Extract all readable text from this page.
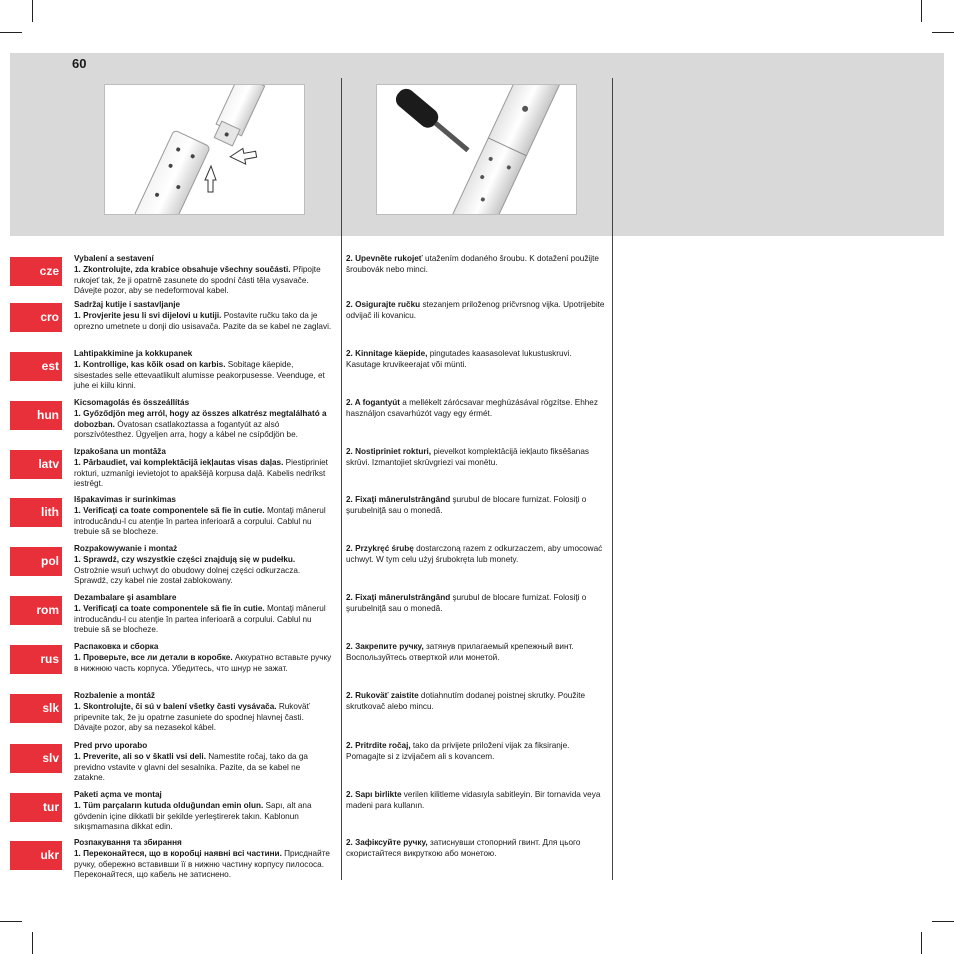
60
cze
Vybalení a sestavení
1. Zkontrolujte, zda krabice obsahuje všechny součásti. Připojte rukojeť tak, že ji opatrně zasunete do spodní části těla vysavače. Dávejte pozor, aby se nedeformoval kabel.
2. Upevněte rukojeť utažením dodaného šroubu. K dotažení použijte šroubovák nebo minci.
cro
Sadržaj kutije i sastavljanje
1. Provjerite jesu li svi dijelovi u kutiji. Postavite ručku tako da je oprezno umetnete u donji dio usisavača. Pazite da se kabel ne zaglavi.
2. Osigurajte ručku stezanjem priloženog pričvrsnog vijka. Upotrijebite odvijač ili kovanicu.
est
Lahtipakkimine ja kokkupanek
1. Kontrollige, kas kõik osad on karbis. Sobitage käepide, sisestades selle ettevaatlikult alumisse peakorpusesse. Veenduge, et juhe ei kiilu kinni.
2. Kinnitage käepide, pingutades kaasasolevat lukustuskruvi. Kasutage kruvikeerajat või münti.
hun
Kicsomagolás és összeállítás
1. Győződjön meg arról, hogy az összes alkatrész megtalálható a dobozban. Óvatosan csatlakoztassa a fogantyút az alsó porszívótesthez. Ügyeljen arra, hogy a kábel ne csípődjön be.
2. A fogantyút a mellékelt zárócsavar meghúzásával rögzítse. Ehhez használjon csavarhúzót vagy egy érmét.
latv
Izpakošana un montāža
1. Pārbaudiet, vai komplektācijā iekļautas visas daļas. Piestipriniet rokturi, uzmanīgi ievietojot to apakšējā korpusa daļā. Kabelis nedrīkst iestrēgt.
2. Nostipriniet rokturi, pievelkot komplektācijā iekļauto fiksēšanas skrūvi. Izmantojiet skrūvgriezi vai monētu.
lith
Išpakavimas ir surinkimas
1. Verificaţi ca toate componentele să fie în cutie. Montaţi mânerul introducându-l cu atenţie în partea inferioară a corpului. Cablul nu trebuie să se blocheze.
2. Fixaţi mânerulstrângând şurubul de blocare furnizat. Folosiţi o şurubelniţă sau o monedă.
pol
Rozpakowywanie i montaż
1. Sprawdź, czy wszystkie części znajdują się w pudełku. Ostrożnie wsuń uchwyt do obudowy dolnej części odkurzacza. Sprawdź, czy kabel nie został zablokowany.
2. Przykręć śrubę dostarczoną razem z odkurzaczem, aby umocować uchwyt. W tym celu użyj śrubokręta lub monety.
rom
Dezambalare şi asamblare
1. Verificaţi ca toate componentele să fie în cutie. Montaţi mânerul introducându-l cu atenţie în partea inferioară a corpului. Cablul nu trebuie să se blocheze.
2. Fixaţi mânerulstrângând şurubul de blocare furnizat. Folosiţi o şurubelniţă sau o monedă.
rus
Распаковка и сборка
1. Проверьте, все ли детали в коробке. Аккуратно вставьте ручку в нижнюю часть корпуса. Убедитесь, что шнур не зажат.
2. Закрепите ручку, затянув прилагаемый крепежный винт. Воспользуйтесь отверткой или монетой.
slk
Rozbalenie a montáž
1. Skontrolujte, či sú v balení všetky časti vysávača. Rukoväť pripevnite tak, že ju opatrne zasuniete do spodnej hlavnej časti. Dávajte pozor, aby sa nezasekol kábel.
2. Rukoväť zaistite dotiahnutím dodanej poistnej skrutky. Použite skrutkovač alebo mincu.
slv
Pred prvo uporabo
1. Preverite, ali so v škatli vsi deli. Namestite ročaj, tako da ga previdno vstavite v glavni del sesalnika. Pazite, da se kabel ne zatakne.
2. Pritrdite ročaj, tako da privijete priloženi vijak za fiksiranje. Pomagajte si z izvijačem ali s kovancem.
tur
Paketi açma ve montaj
1. Tüm parçaların kutuda olduğundan emin olun. Sapı, alt ana gövdenin içine dikkatli bir şekilde yerleştirerek takın. Kablonun sıkışmamasına dikkat edin.
2. Sapı birlikte verilen kilitleme vidasıyla sabitleyin. Bir tornavida veya madeni para kullanın.
ukr
Розпакування та збирання
1. Переконайтеся, що в коробці наявні всі частини. Присднайте ручку, обережно вставивши її в нижню частину корпусу пилососа. Переконайтеся, що кабель не затиснено.
2. Зафіксуйте ручку, затиснувши стопорний гвинт. Для цього скористайтеся викруткою або монетою.
